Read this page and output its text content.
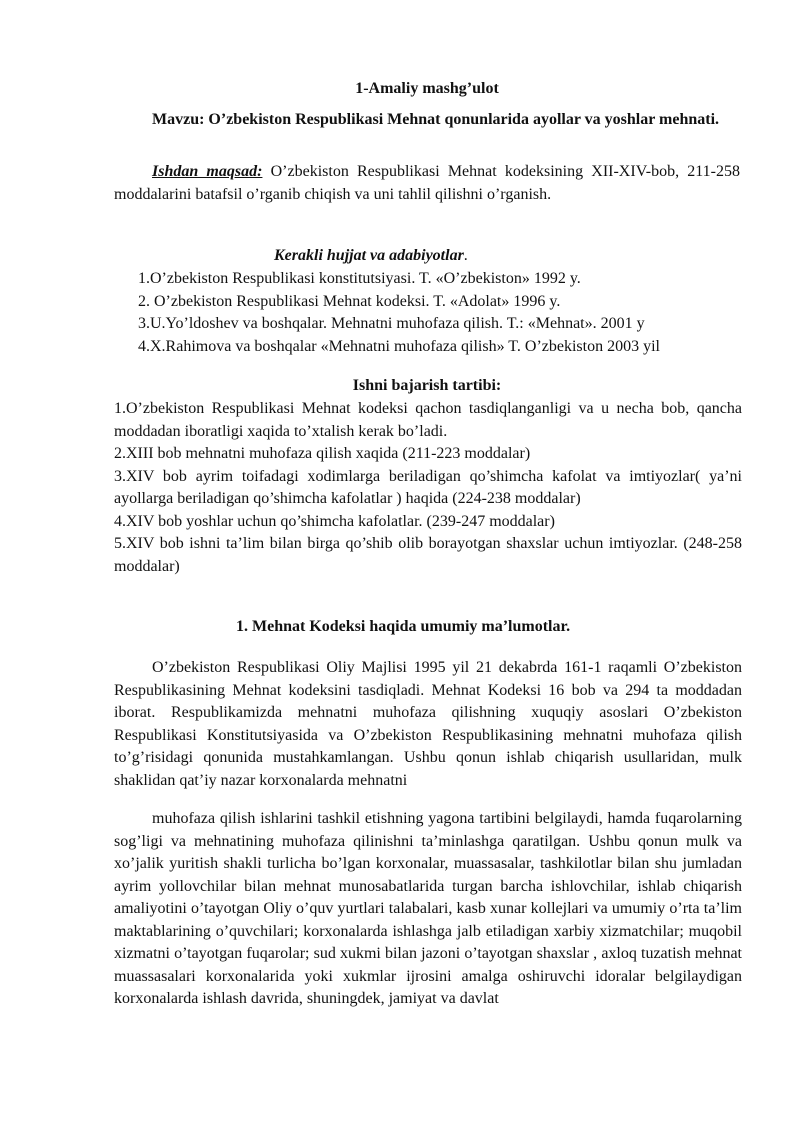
1-Amaliy mashg’ulot
Mavzu: O’zbekiston Respublikasi Mehnat qonunlarida ayollar va yoshlar mehnati.
Ishdan maqsad: O’zbekiston Respublikasi Mehnat kodeksining XII-XIV-bob, 211-258 moddalarini batafsil o’rganib chiqish va uni tahlil qilishni o’rganish.
Kerakli hujjat va adabiyotlar.
1.O’zbekiston Respublikasi konstitutsiyasi. T. «O’zbekiston» 1992 y.
2. O’zbekiston Respublikasi Mehnat kodeksi. T. «Adolat» 1996 y.
3.U.Yo’ldoshev va boshqalar. Mehnatni muhofaza qilish. T.: «Mehnat». 2001 y
4.X.Rahimova va boshqalar «Mehnatni muhofaza qilish» T. O’zbekiston 2003 yil
Ishni bajarish tartibi:
1.O’zbekiston Respublikasi Mehnat kodeksi qachon tasdiqlanganligi va u necha bob, qancha moddadan iboratligi xaqida to’xtalish kerak bo’ladi.
2.XIII bob mehnatni muhofaza qilish xaqida (211-223 moddalar)
3.XIV bob ayrim toifadagi xodimlarga beriladigan qo’shimcha kafolat va imtiyozlar( ya’ni ayollarga beriladigan qo’shimcha kafolatlar ) haqida (224-238 moddalar)
4.XIV bob yoshlar uchun qo’shimcha kafolatlar. (239-247 moddalar)
5.XIV bob ishni ta’lim bilan birga qo’shib olib borayotgan shaxslar uchun imtiyozlar. (248-258 moddalar)
1. Mehnat Kodeksi haqida umumiy ma’lumotlar.
O’zbekiston Respublikasi Oliy Majlisi 1995 yil 21 dekabrda 161-1 raqamli O’zbekiston Respublikasining Mehnat kodeksini tasdiqladi. Mehnat Kodeksi 16 bob va 294 ta moddadan iborat. Respublikamizda mehnatni muhofaza qilishning xuquqiy asoslari O’zbekiston Respublikasi Konstitutsiyasida va O’zbekiston Respublikasining mehnatni muhofaza qilish to’g’risidagi qonunida mustahkamlangan. Ushbu qonun ishlab chiqarish usullaridan, mulk shaklidan qat’iy nazar korxonalarda mehnatni
muhofaza qilish ishlarini tashkil etishning yagona tartibini belgilaydi, hamda fuqarolarning sog’ligi va mehnatining muhofaza qilinishni ta’minlashga qaratilgan. Ushbu qonun mulk va xo’jalik yuritish shakli turlicha bo’lgan korxonalar, muassasalar, tashkilotlar bilan shu jumladan ayrim yollovchilar bilan mehnat munosabatlarida turgan barcha ishlovchilar, ishlab chiqarish amaliyotini o’tayotgan Oliy o’quv yurtlari talabalari, kasb xunar kollejlari va umumiy o’rta ta’lim maktablarining o’quvchilari; korxonalarda ishlashga jalb etiladigan xarbiy xizmatchilar; muqobil xizmatni o’tayotgan fuqarolar; sud xukmi bilan jazoni o’tayotgan shaxslar , axloq tuzatish mehnat muassasalari korxonalarida yoki xukmlar ijrosini amalga oshiruvchi idoralar belgilaydigan korxonalarda ishlash davrida, shuningdek, jamiyat va davlat
